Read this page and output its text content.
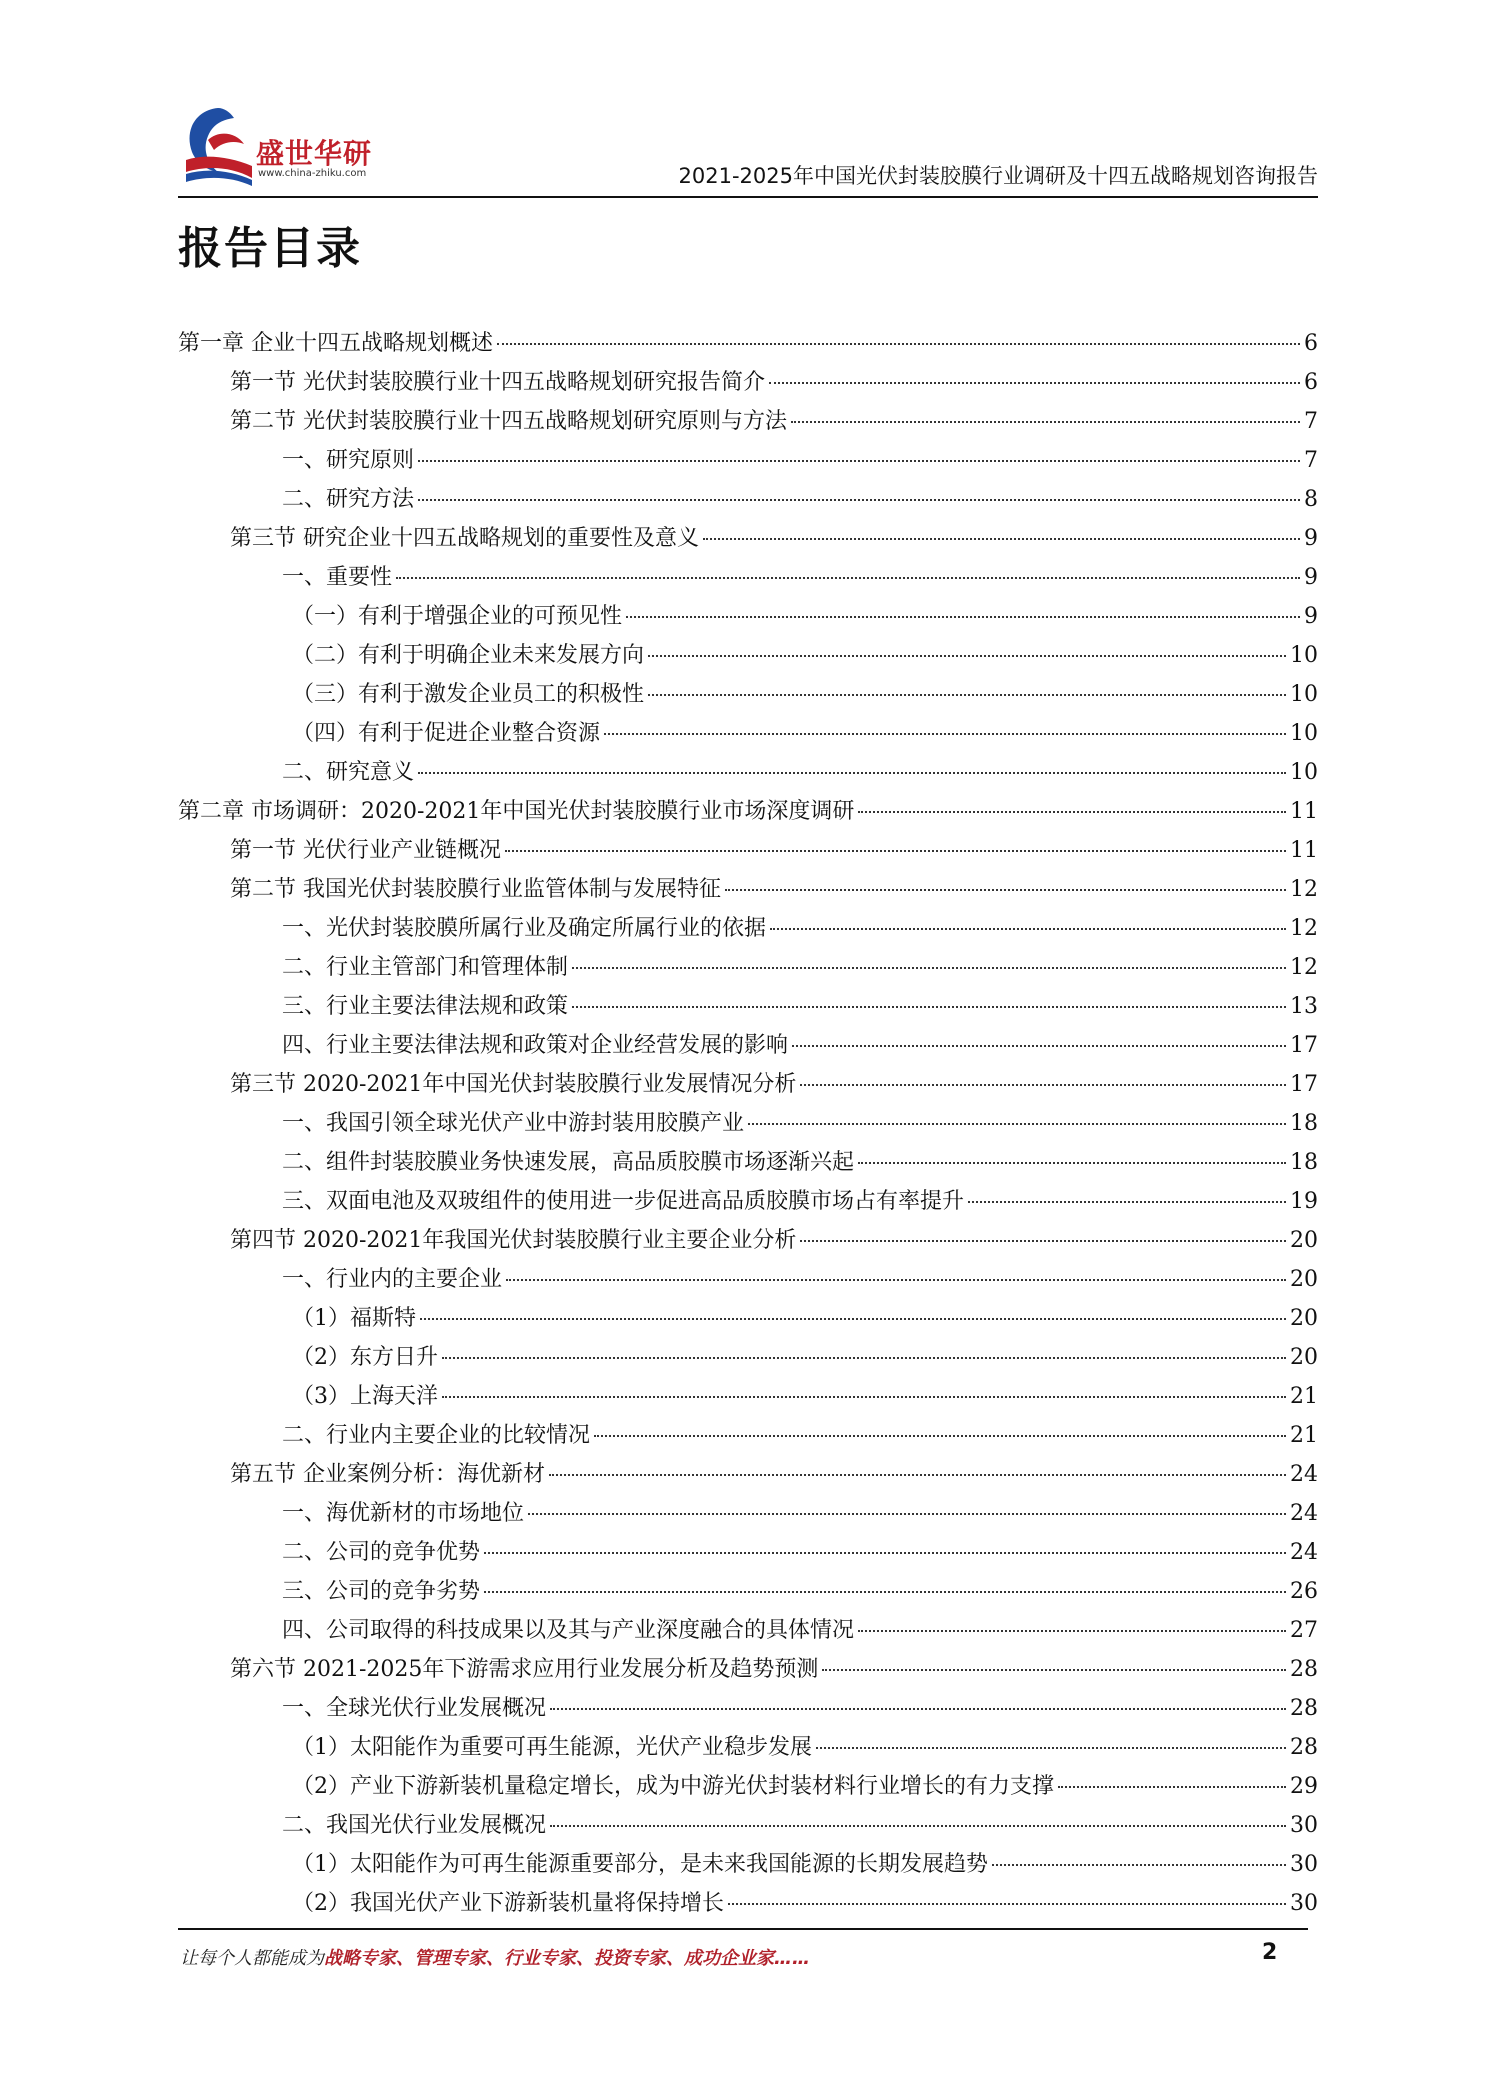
盛世华研
www.china-zhiku.com	2021-2025年中国光伏封装胶膜行业调研及十四五战略规划咨询报告
报告目录
第一章 企业十四五战略规划概述	6
第一节 光伏封装胶膜行业十四五战略规划研究报告简介	6
第二节 光伏封装胶膜行业十四五战略规划研究原则与方法	7
一、研究原则	7
二、研究方法	8
第三节 研究企业十四五战略规划的重要性及意义	9
一、重要性	9
（一）有利于增强企业的可预见性	9
（二）有利于明确企业未来发展方向	10
（三）有利于激发企业员工的积极性	10
（四）有利于促进企业整合资源	10
二、研究意义	10
第二章 市场调研：2020-2021年中国光伏封装胶膜行业市场深度调研	11
第一节 光伏行业产业链概况	11
第二节 我国光伏封装胶膜行业监管体制与发展特征	12
一、光伏封装胶膜所属行业及确定所属行业的依据	12
二、行业主管部门和管理体制	12
三、行业主要法律法规和政策	13
四、行业主要法律法规和政策对企业经营发展的影响	17
第三节 2020-2021年中国光伏封装胶膜行业发展情况分析	17
一、我国引领全球光伏产业中游封装用胶膜产业	18
二、组件封装胶膜业务快速发展，高品质胶膜市场逐渐兴起	18
三、双面电池及双玻组件的使用进一步促进高品质胶膜市场占有率提升	19
第四节 2020-2021年我国光伏封装胶膜行业主要企业分析	20
一、行业内的主要企业	20
（1）福斯特	20
（2）东方日升	20
（3）上海天洋	21
二、行业内主要企业的比较情况	21
第五节 企业案例分析：海优新材	24
一、海优新材的市场地位	24
二、公司的竞争优势	24
三、公司的竞争劣势	26
四、公司取得的科技成果以及其与产业深度融合的具体情况	27
第六节 2021-2025年下游需求应用行业发展分析及趋势预测	28
一、全球光伏行业发展概况	28
（1）太阳能作为重要可再生能源，光伏产业稳步发展	28
（2）产业下游新装机量稳定增长，成为中游光伏封装材料行业增长的有力支撑	29
二、我国光伏行业发展概况	30
（1）太阳能作为可再生能源重要部分，是未来我国能源的长期发展趋势	30
（2）我国光伏产业下游新装机量将保持增长	30
让每个人都能成为战略专家、管理专家、行业专家、投资专家、成功企业家……	2
